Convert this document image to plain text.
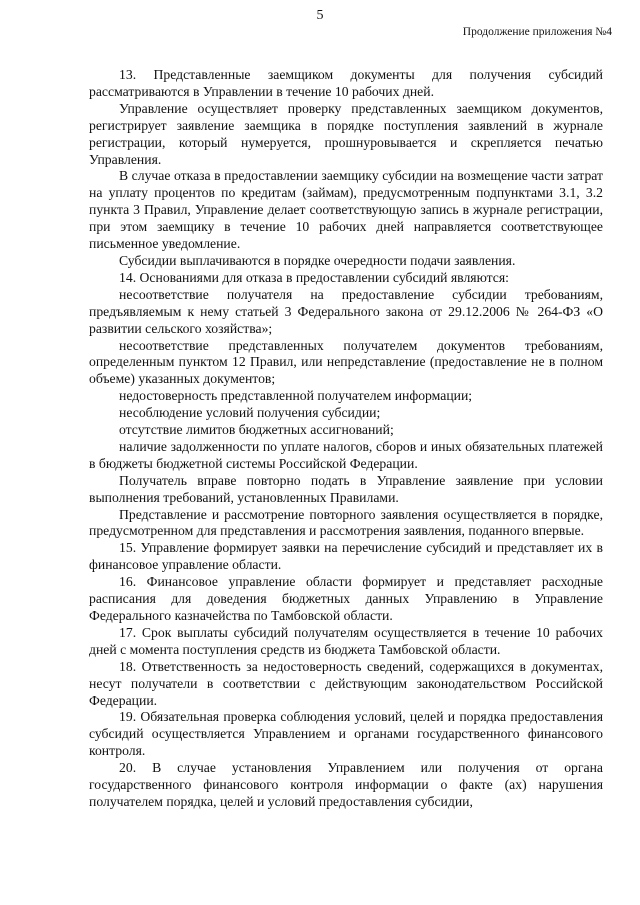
5
Продолжение приложения №4

13. Представленные заемщиком документы для получения субсидий рассматриваются в Управлении в течение 10 рабочих дней.

Управление осуществляет проверку представленных заемщиком документов, регистрирует заявление заемщика в порядке поступления заявлений в журнале регистрации, который нумеруется, прошнуровывается и скрепляется печатью Управления.

В случае отказа в предоставлении заемщику субсидии на возмещение части затрат на уплату процентов по кредитам (займам), предусмотренным подпунктами 3.1, 3.2 пункта 3 Правил, Управление делает соответствующую запись в журнале регистрации, при этом заемщику в течение 10 рабочих дней направляется соответствующее письменное уведомление.

Субсидии выплачиваются в порядке очередности подачи заявления.

14. Основаниями для отказа в предоставлении субсидий являются:

несоответствие получателя на предоставление субсидии требованиям, предъявляемым к нему статьей 3 Федерального закона от 29.12.2006 № 264-ФЗ «О развитии сельского хозяйства»;

несоответствие представленных получателем документов требованиям, определенным пунктом 12 Правил, или непредставление (предоставление не в полном объеме) указанных документов;

недостоверность представленной получателем информации;

несоблюдение условий получения субсидии;

отсутствие лимитов бюджетных ассигнований;

наличие задолженности по уплате налогов, сборов и иных обязательных платежей в бюджеты бюджетной системы Российской Федерации.

Получатель вправе повторно подать в Управление заявление при условии выполнения требований, установленных Правилами.

Представление и рассмотрение повторного заявления осуществляется в порядке, предусмотренном для представления и рассмотрения заявления, поданного впервые.

15. Управление формирует заявки на перечисление субсидий и представляет их в финансовое управление области.

16. Финансовое управление области формирует и представляет расходные расписания для доведения бюджетных данных Управлению в Управление Федерального казначейства по Тамбовской области.

17. Срок выплаты субсидий получателям осуществляется в течение 10 рабочих дней с момента поступления средств из бюджета Тамбовской области.

18. Ответственность за недостоверность сведений, содержащихся в документах, несут получатели в соответствии с действующим законодательством Российской Федерации.

19. Обязательная проверка соблюдения условий, целей и порядка предоставления субсидий осуществляется Управлением и органами государственного финансового контроля.

20. В случае установления Управлением или получения от органа государственного финансового контроля информации о факте (ах) нарушения получателем порядка, целей и условий предоставления субсидии,
